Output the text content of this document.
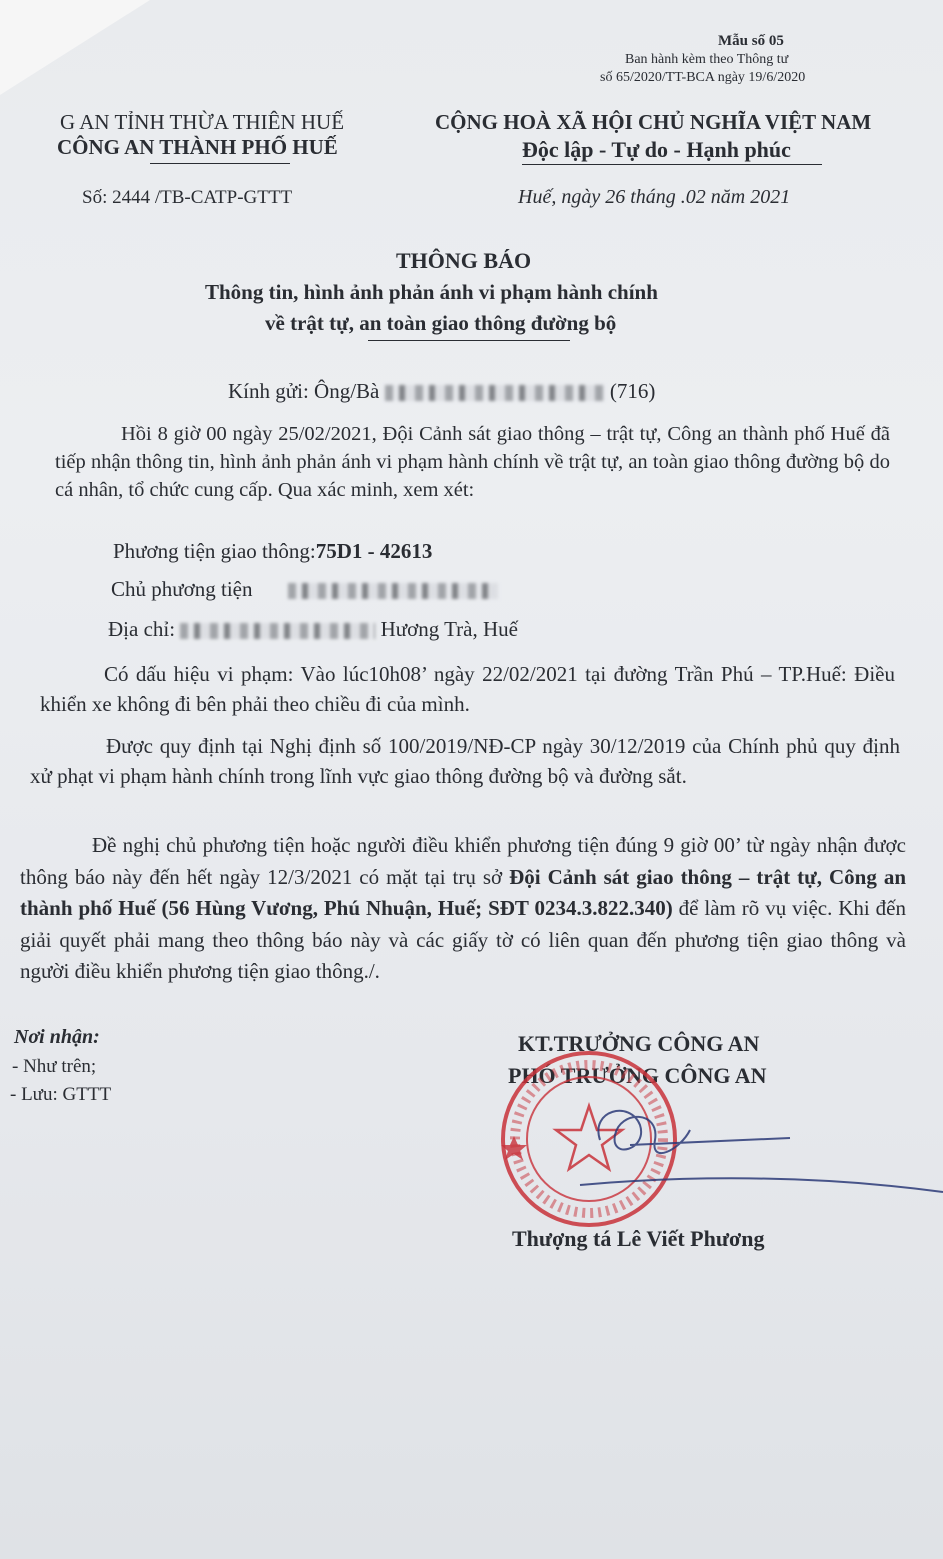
Mẫu số 05
Ban hành kèm theo Thông tư
số 65/2020/TT-BCA ngày 19/6/2020
G AN TỈNH THỪA THIÊN HUẾ
CÔNG AN THÀNH PHỐ HUẾ
Số: 2444 /TB-CATP-GTTT
CỘNG HOÀ XÃ HỘI CHỦ NGHĨA VIỆT NAM
Độc lập - Tự do - Hạnh phúc
Huế, ngày 26 tháng .02 năm 2021
THÔNG BÁO
Thông tin, hình ảnh phản ánh vi phạm hành chính
về trật tự, an toàn giao thông đường bộ
Kính gửi: Ông/Bà	(716)
Hồi 8 giờ 00 ngày 25/02/2021, Đội Cảnh sát giao thông – trật tự, Công an thành phố Huế đã tiếp nhận thông tin, hình ảnh phản ánh vi phạm hành chính về trật tự, an toàn giao thông đường bộ do cá nhân, tổ chức cung cấp. Qua xác minh, xem xét:
Phương tiện giao thông:75D1 - 42613
Chủ phương tiện
Địa chỉ:	Hương Trà, Huế
Có dấu hiệu vi phạm: Vào lúc10h08’ ngày 22/02/2021 tại đường Trần Phú – TP.Huế: Điều khiển xe không đi bên phải theo chiều đi của mình.
Được quy định tại Nghị định số 100/2019/NĐ-CP ngày 30/12/2019 của Chính phủ quy định xử phạt vi phạm hành chính trong lĩnh vực giao thông đường bộ và đường sắt.
Đề nghị chủ phương tiện hoặc người điều khiển phương tiện đúng 9 giờ 00’ từ ngày nhận được thông báo này đến hết ngày 12/3/2021 có mặt tại trụ sở Đội Cảnh sát giao thông – trật tự, Công an thành phố Huế (56 Hùng Vương, Phú Nhuận, Huế; SĐT 0234.3.822.340) để làm rõ vụ việc. Khi đến giải quyết phải mang theo thông báo này và các giấy tờ có liên quan đến phương tiện giao thông và người điều khiển phương tiện giao thông./.
Nơi nhận:
- Như trên;
- Lưu: GTTT
KT.TRƯỞNG CÔNG AN
PHÓ TRƯỞNG CÔNG AN
Thượng tá Lê Viết Phương
